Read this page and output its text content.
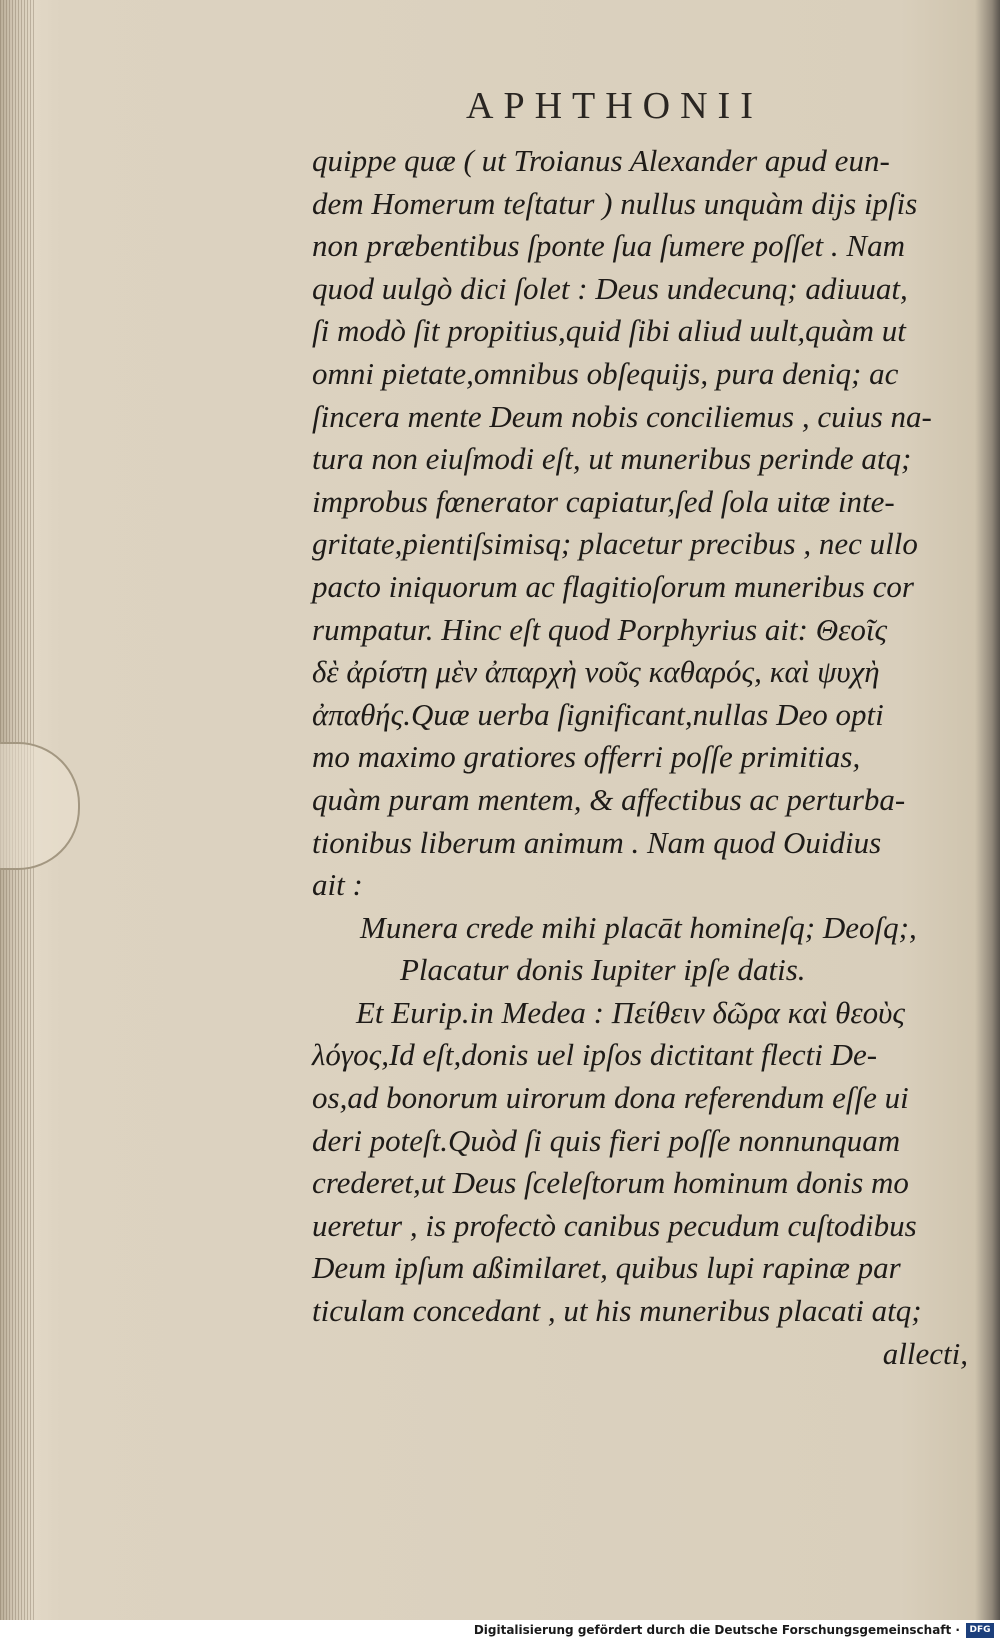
APHTHONII
quippe quæ ( ut Troianus Alexander apud eun-
dem Homerum teſtatur ) nullus unquàm dijs ipſis
non præbentibus ſponte ſua ſumere poſſet . Nam
quod uulgò dici ſolet : Deus undecunq; adiuuat,
ſi modò ſit propitius,quid ſibi aliud uult,quàm ut
omni pietate,omnibus obſequijs, pura deniq; ac
ſincera mente Deum nobis conciliemus , cuius na-
tura non eiuſmodi eſt, ut muneribus perinde atq;
improbus fœnerator capiatur,ſed ſola uitæ inte-
gritate,pientiſsimisq; placetur precibus , nec ullo
pacto iniquorum ac flagitioſorum muneribus cor
rumpatur. Hinc eſt quod Porphyrius ait: Θεοῖς
δὲ ἀρίστη μὲν ἀπαρχὴ νοῦς καθαρός, καὶ ψυχὴ
ἀπαθής.Quæ uerba ſignificant,nullas Deo opti
mo maximo gratiores offerri poſſe primitias,
quàm puram mentem, & affectibus ac perturba-
tionibus liberum animum . Nam quod Ouidius
ait :
Munera crede mihi placāt homineſq; Deoſq;,
Placatur donis Iupiter ipſe datis.
Et Eurip.in Medea : Πείθειν δῶρα καὶ θεοὺς
λόγος,Id eſt,donis uel ipſos dictitant flecti De-
os,ad bonorum uirorum dona referendum eſſe ui
deri poteſt.Quòd ſi quis fieri poſſe nonnunquam
crederet,ut Deus ſceleſtorum hominum donis mo
ueretur , is profectò canibus pecudum cuſtodibus
Deum ipſum aßimilaret, quibus lupi rapinæ par
ticulam concedant , ut his muneribus placati atq;
allecti,
Digitalisierung gefördert durch die Deutsche Forschungsgemeinschaft ·	DFG
